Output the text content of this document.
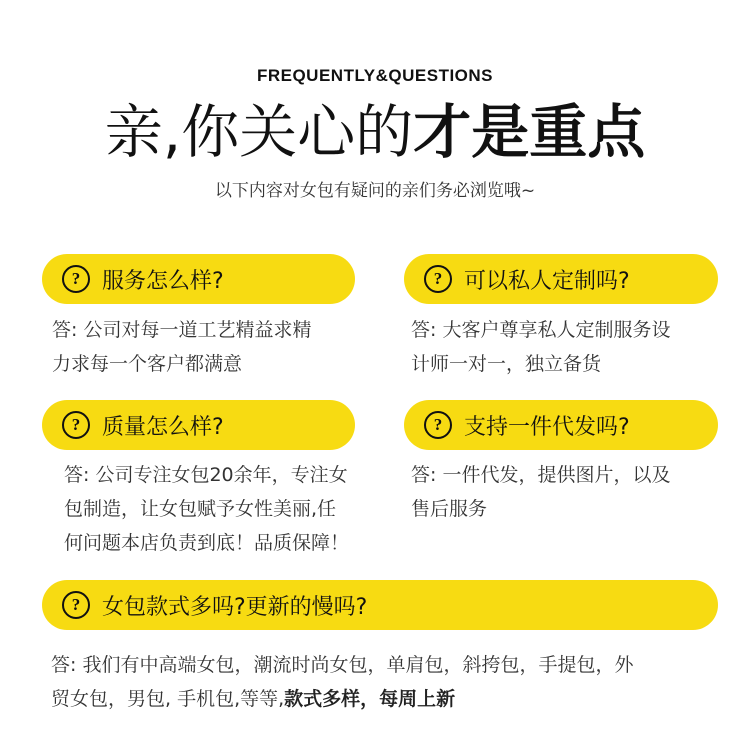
FREQUENTLY&QUESTIONS
亲,你关心的才是重点
以下内容对女包有疑问的亲们务必浏览哦~
? 服务怎么样?
答: 公司对每一道工艺精益求精
力求每一个客户都满意
? 可以私人定制吗?
答: 大客户尊享私人定制服务设
计师一对一，独立备货
? 质量怎么样?
答: 公司专注女包20余年，专注女
包制造，让女包赋予女性美丽,任
何问题本店负责到底！品质保障！
? 支持一件代发吗?
答: 一件代发，提供图片，以及
售后服务
? 女包款式多吗?更新的慢吗?
答: 我们有中高端女包，潮流时尚女包，单肩包，斜挎包，手提包，外
贸女包，男包, 手机包,等等,款式多样，每周上新
